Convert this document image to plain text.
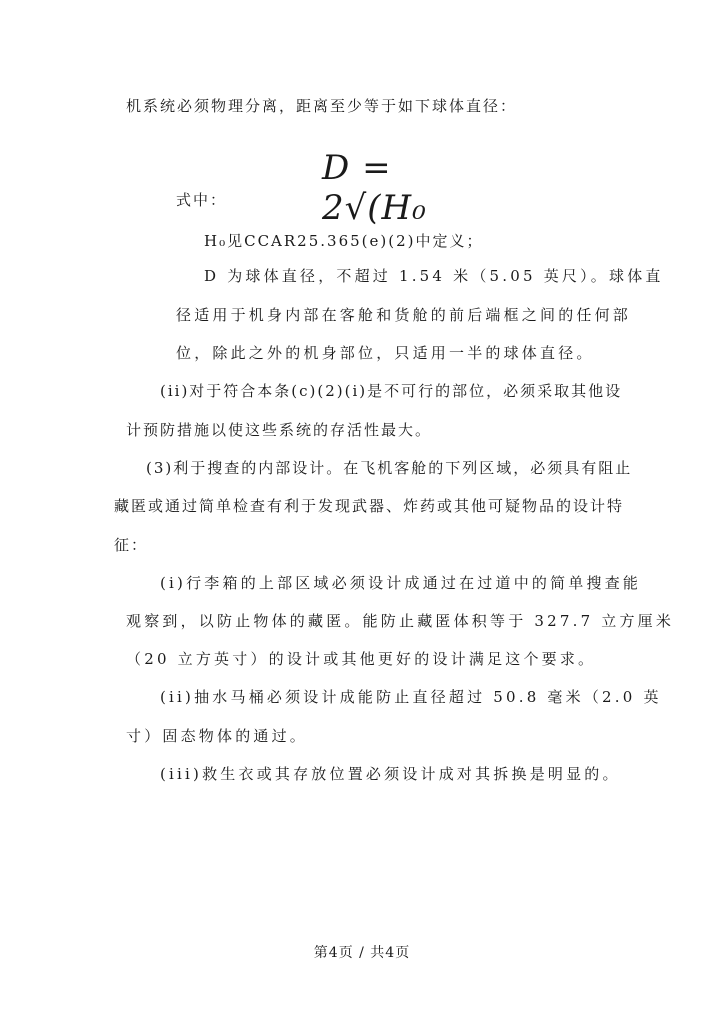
机系统必须物理分离，距离至少等于如下球体直径：
D = 2√(H₀
式中：
H₀见CCAR25.365(e)(2)中定义；
D 为球体直径，不超过 1.54 米（5.05 英尺）。球体直
径适用于机身内部在客舱和货舱的前后端框之间的任何部
位，除此之外的机身部位，只适用一半的球体直径。
(ii)对于符合本条(c)(2)(i)是不可行的部位，必须采取其他设
计预防措施以使这些系统的存活性最大。
(3)利于搜查的内部设计。在飞机客舱的下列区域，必须具有阻止
藏匿或通过简单检查有利于发现武器、炸药或其他可疑物品的设计特
征：
(i)行李箱的上部区域必须设计成通过在过道中的简单搜查能
观察到，以防止物体的藏匿。能防止藏匿体积等于 327.7 立方厘米
（20 立方英寸）的设计或其他更好的设计满足这个要求。
(ii)抽水马桶必须设计成能防止直径超过 50.8 毫米（2.0 英
寸）固态物体的通过。
(iii)救生衣或其存放位置必须设计成对其拆换是明显的。
第4页 / 共4页
